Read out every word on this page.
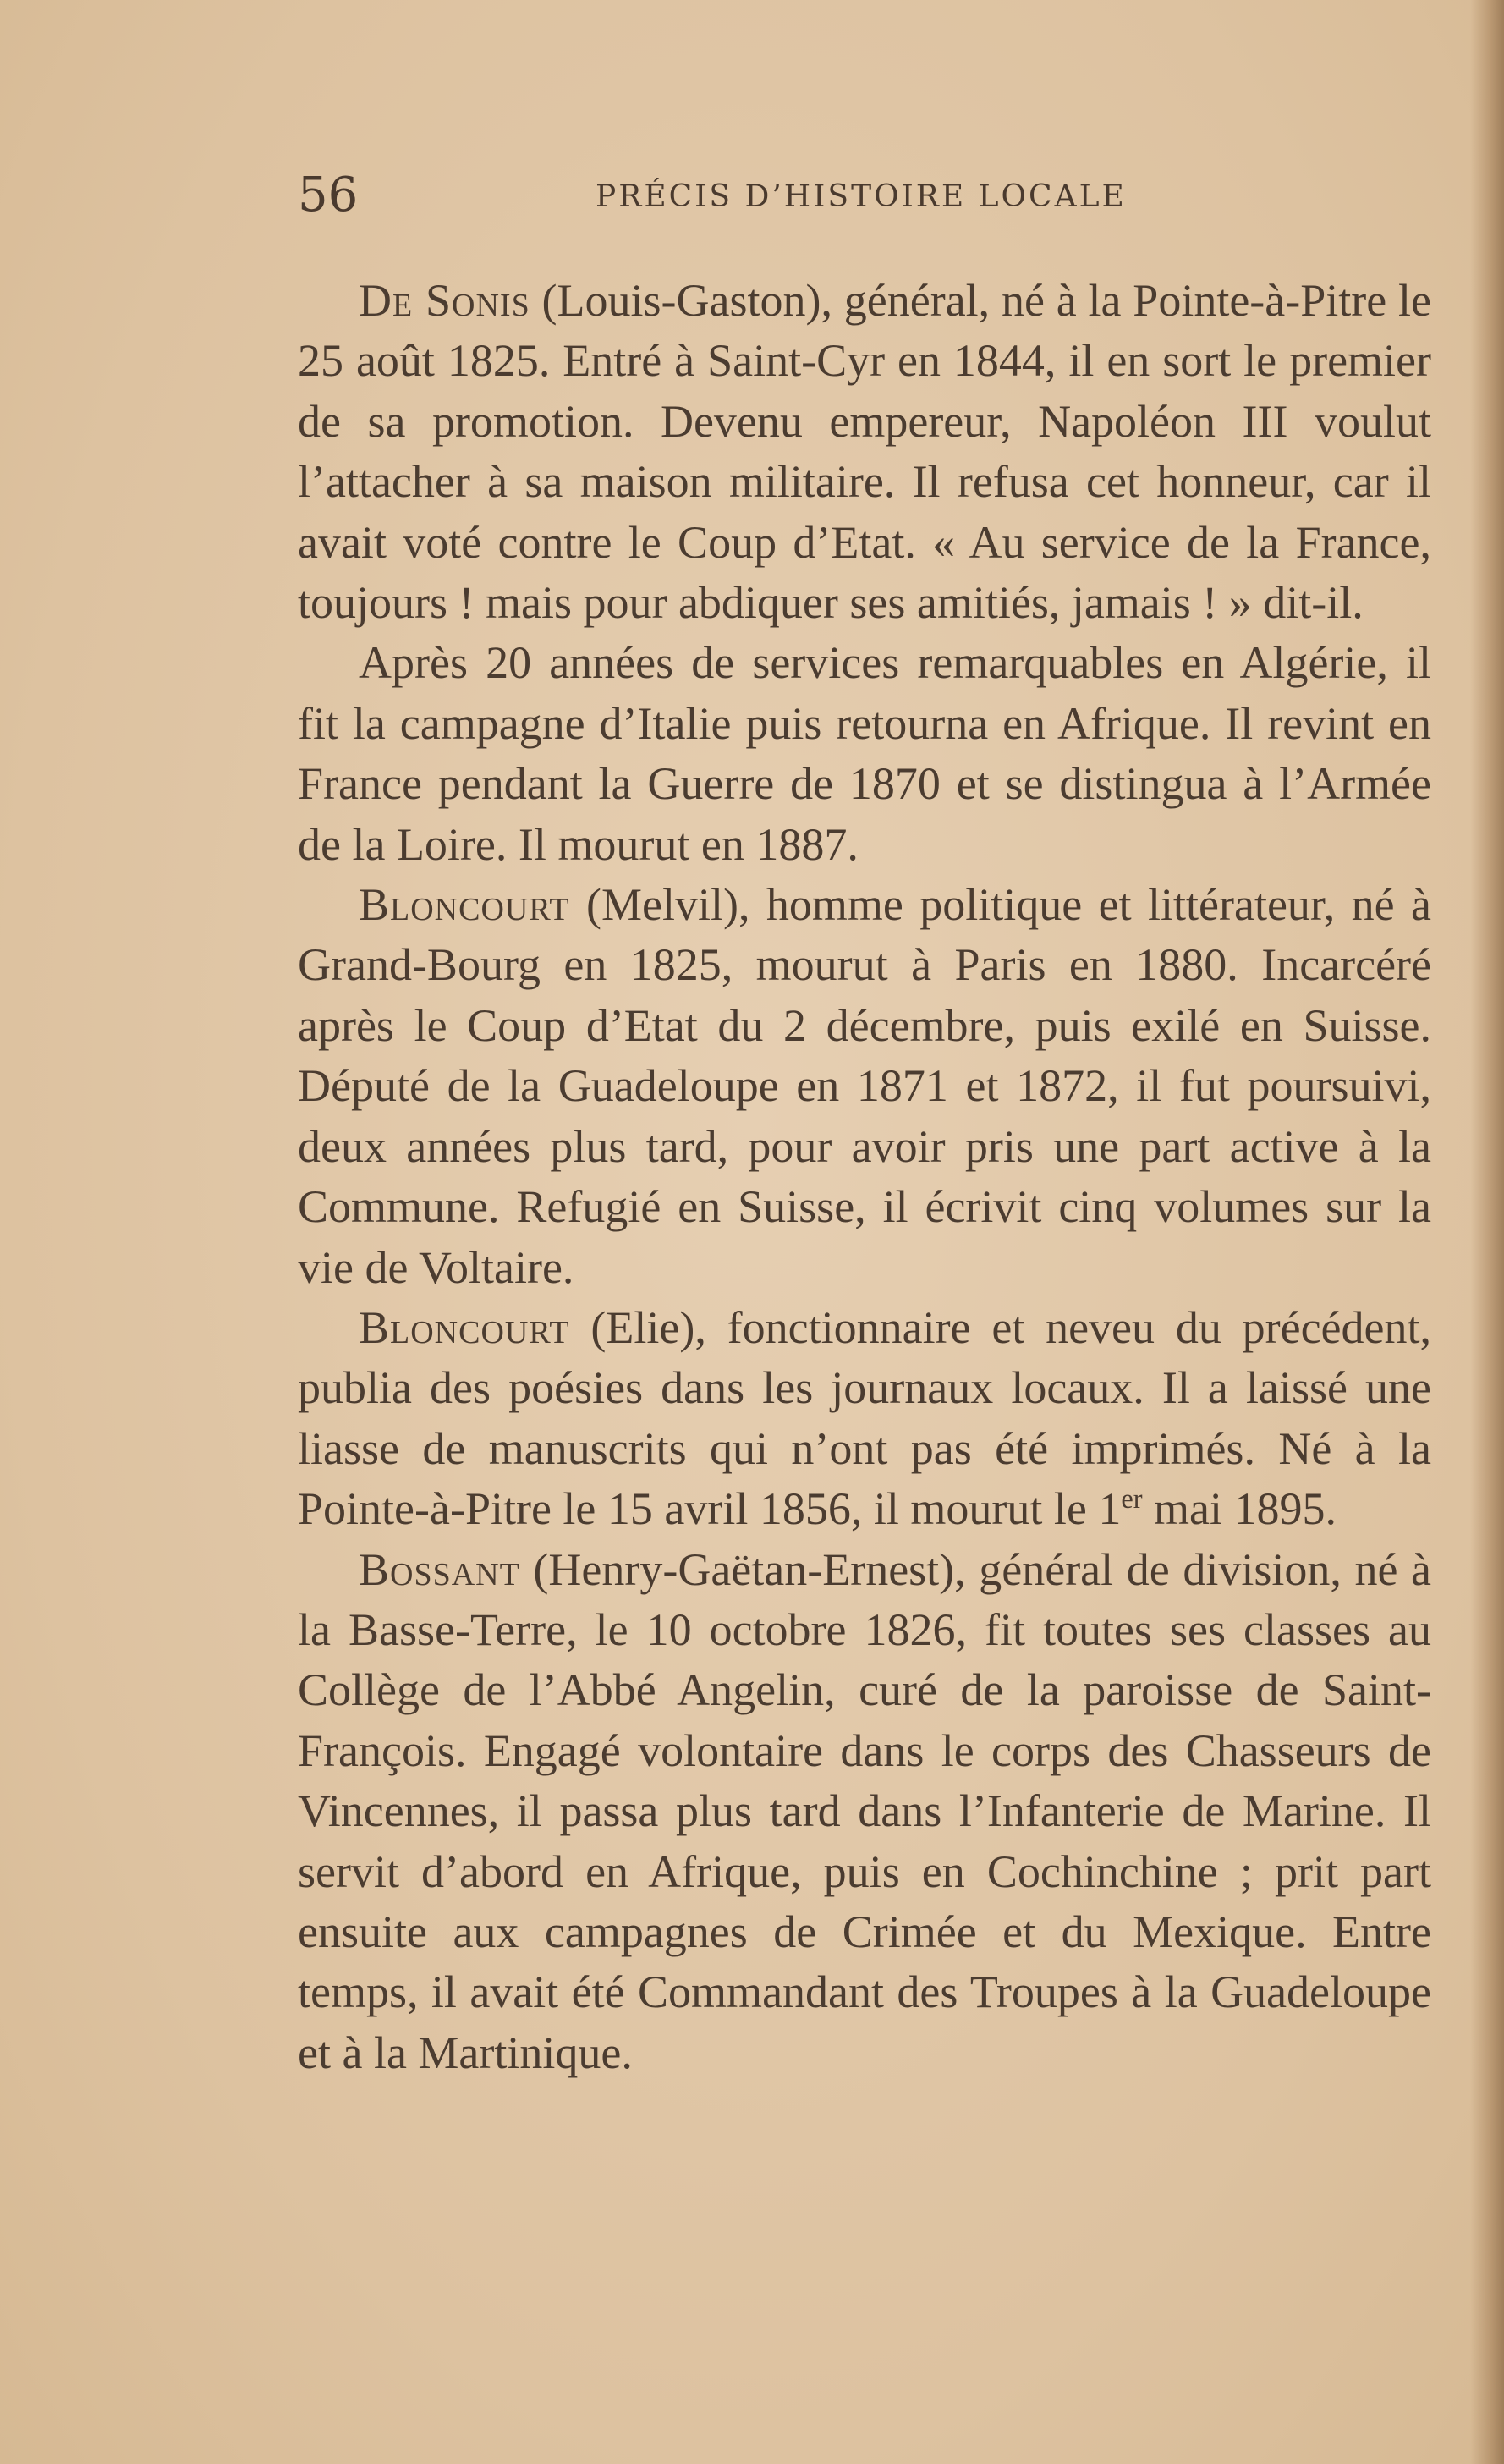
56	PRÉCIS D’HISTOIRE LOCALE

De Sonis (Louis-Gaston), général, né à la Pointe-à-Pitre le 25 août 1825. Entré à Saint-Cyr en 1844, il en sort le premier de sa promotion. Devenu empereur, Napoléon III voulut l’attacher à sa maison militaire. Il refusa cet honneur, car il avait voté contre le Coup d’Etat. « Au service de la France, toujours ! mais pour abdiquer ses amitiés, jamais ! » dit-il.

Après 20 années de services remarquables en Algérie, il fit la campagne d’Italie puis retourna en Afrique. Il revint en France pendant la Guerre de 1870 et se distingua à l’Armée de la Loire. Il mourut en 1887.

Bloncourt (Melvil), homme politique et littérateur, né à Grand-Bourg en 1825, mourut à Paris en 1880. Incarcéré après le Coup d’Etat du 2 décembre, puis exilé en Suisse. Député de la Guadeloupe en 1871 et 1872, il fut poursuivi, deux années plus tard, pour avoir pris une part active à la Commune. Refugié en Suisse, il écrivit cinq volumes sur la vie de Voltaire.

Bloncourt (Elie), fonctionnaire et neveu du précédent, publia des poésies dans les journaux locaux. Il a laissé une liasse de manuscrits qui n’ont pas été imprimés. Né à la Pointe-à-Pitre le 15 avril 1856, il mourut le 1er mai 1895.

Bossant (Henry-Gaëtan-Ernest), général de division, né à la Basse-Terre, le 10 octobre 1826, fit toutes ses classes au Collège de l’Abbé Angelin, curé de la paroisse de Saint-François. Engagé volontaire dans le corps des Chasseurs de Vincennes, il passa plus tard dans l’Infanterie de Marine. Il servit d’abord en Afrique, puis en Cochinchine ; prit part ensuite aux campagnes de Crimée et du Mexique. Entre temps, il avait été Commandant des Troupes à la Guadeloupe et à la Martinique.
